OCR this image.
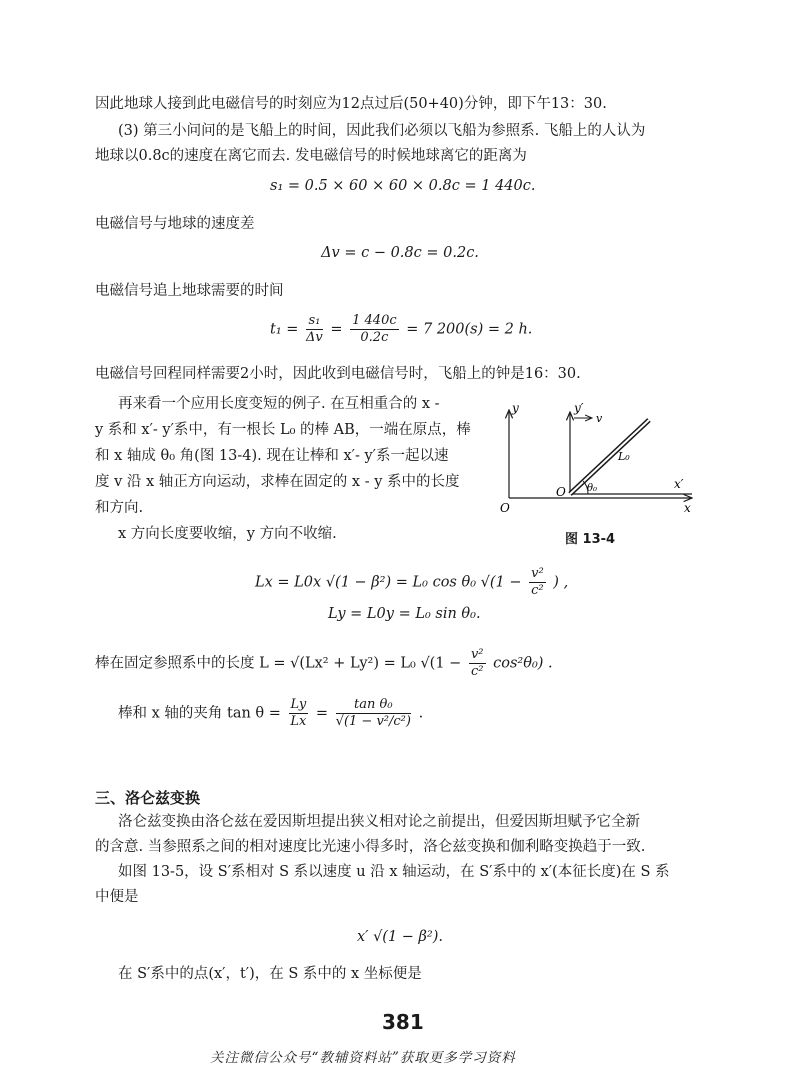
因此地球人接到此电磁信号的时刻应为12点过后(50+40)分钟，即下午13：30.
(3) 第三小问问的是飞船上的时间，因此我们必须以飞船为参照系. 飞船上的人认为
地球以0.8c的速度在离它而去. 发电磁信号的时候地球离它的距离为
s₁ = 0.5 × 60 × 60 × 0.8c = 1 440c.
电磁信号与地球的速度差
Δv = c − 0.8c = 0.2c.
电磁信号追上地球需要的时间
$t_1 = \frac{\text{s₁}}{\Delta v} = \frac{1 440c}{0.2c} = 7$ 200(s) = 2 h.
电磁信号回程同样需要2小时，因此收到电磁信号时，飞船上的钟是16：30.
再来看一个应用长度变短的例子. 在互相重合的 x -
y 系和 x′- y′系中，有一根长 L₀ 的棒 AB，一端在原点，棒
和 x 轴成 θ₀ 角(图 13-4). 现在让棒和 x′- y′系一起以速
度 v 沿 x 轴正方向运动，求棒在固定的 x - y 系中的长度
和方向.
x 方向长度要收缩，y 方向不收缩.
y	y′
v
L₀
θ₀
O
O
x′
x
图 13-4
Lx = L0x √(1 − β²) = L₀ cos θ₀ $√(1 - \frac{\text{v²}}{\text{c²}}$ ) ,
Ly = L0y = L₀ sin θ₀.
棒在固定参照系中的长度 L = √(Lx² + Ly²) = L₀ $√(1 - \frac{\text{v²}}{\text{c²}} \cos^2\theta_0)$ .
棒和 x 轴的夹角 $\tan \theta = \frac{Ly}{Lx} = \frac{\text{tan θ₀}}{\text{√(1 − v²/c²)}}$ .
三、洛仑兹变换
洛仑兹变换由洛仑兹在爱因斯坦提出狭义相对论之前提出，但爱因斯坦赋予它全新
的含意. 当参照系之间的相对速度比光速小得多时，洛仑兹变换和伽利略变换趋于一致.
如图 13-5，设 S′系相对 S 系以速度 u 沿 x 轴运动，在 S′系中的 x′(本征长度)在 S 系
中便是
x′ √(1 − β²).
在 S′系中的点(x′，t′)，在 S 系中的 x 坐标便是
381
关注微信公众号“教辅资料站”获取更多学习资料
